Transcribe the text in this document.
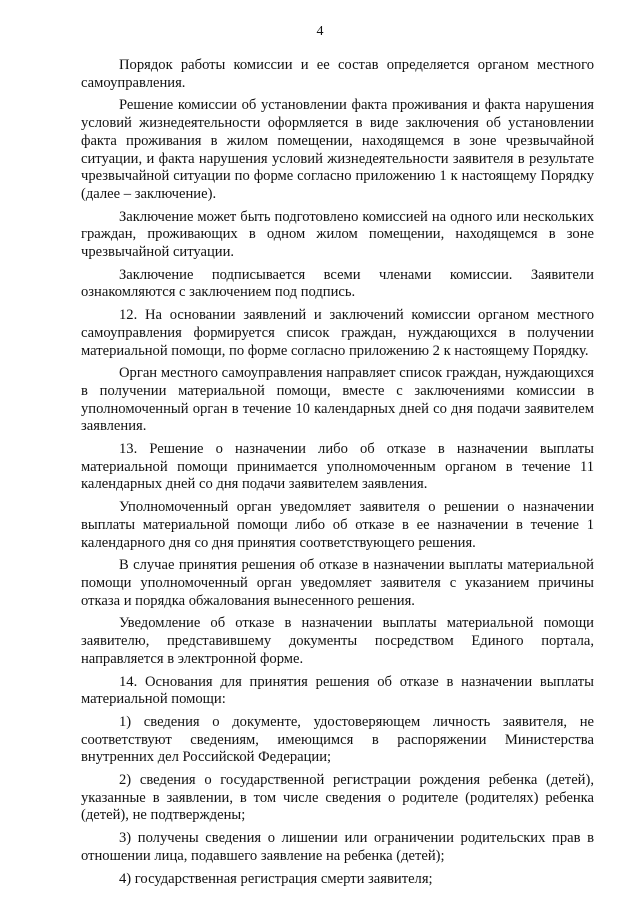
4

Порядок работы комиссии и ее состав определяется органом местного самоуправления.

Решение комиссии об установлении факта проживания и факта нарушения условий жизнедеятельности оформляется в виде заключения об установлении факта проживания в жилом помещении, находящемся в зоне чрезвычайной ситуации, и факта нарушения условий жизнедеятельности заявителя в результате чрезвычайной ситуации по форме согласно приложению 1 к настоящему Порядку (далее – заключение).

Заключение может быть подготовлено комиссией на одного или нескольких граждан, проживающих в одном жилом помещении, находящемся в зоне чрезвычайной ситуации.

Заключение подписывается всеми членами комиссии. Заявители ознакомляются с заключением под подпись.

12. На основании заявлений и заключений комиссии органом местного самоуправления формируется список граждан, нуждающихся в получении материальной помощи, по форме согласно приложению 2 к настоящему Порядку.

Орган местного самоуправления направляет список граждан, нуждающихся в получении материальной помощи, вместе с заключениями комиссии в уполномоченный орган в течение 10 календарных дней со дня подачи заявителем заявления.

13. Решение о назначении либо об отказе в назначении выплаты материальной помощи принимается уполномоченным органом в течение 11 календарных дней со дня подачи заявителем заявления.

Уполномоченный орган уведомляет заявителя о решении о назначении выплаты материальной помощи либо об отказе в ее назначении в течение 1 календарного дня со дня принятия соответствующего решения.

В случае принятия решения об отказе в назначении выплаты материальной помощи уполномоченный орган уведомляет заявителя с указанием причины отказа и порядка обжалования вынесенного решения.

Уведомление об отказе в назначении выплаты материальной помощи заявителю, представившему документы посредством Единого портала, направляется в электронной форме.

14. Основания для принятия решения об отказе в назначении выплаты материальной помощи:

1) сведения о документе, удостоверяющем личность заявителя, не соответствуют сведениям, имеющимся в распоряжении Министерства внутренних дел Российской Федерации;

2) сведения о государственной регистрации рождения ребенка (детей), указанные в заявлении, в том числе сведения о родителе (родителях) ребенка (детей), не подтверждены;

3) получены сведения о лишении или ограничении родительских прав в отношении лица, подавшего заявление на ребенка (детей);

4) государственная регистрация смерти заявителя;
